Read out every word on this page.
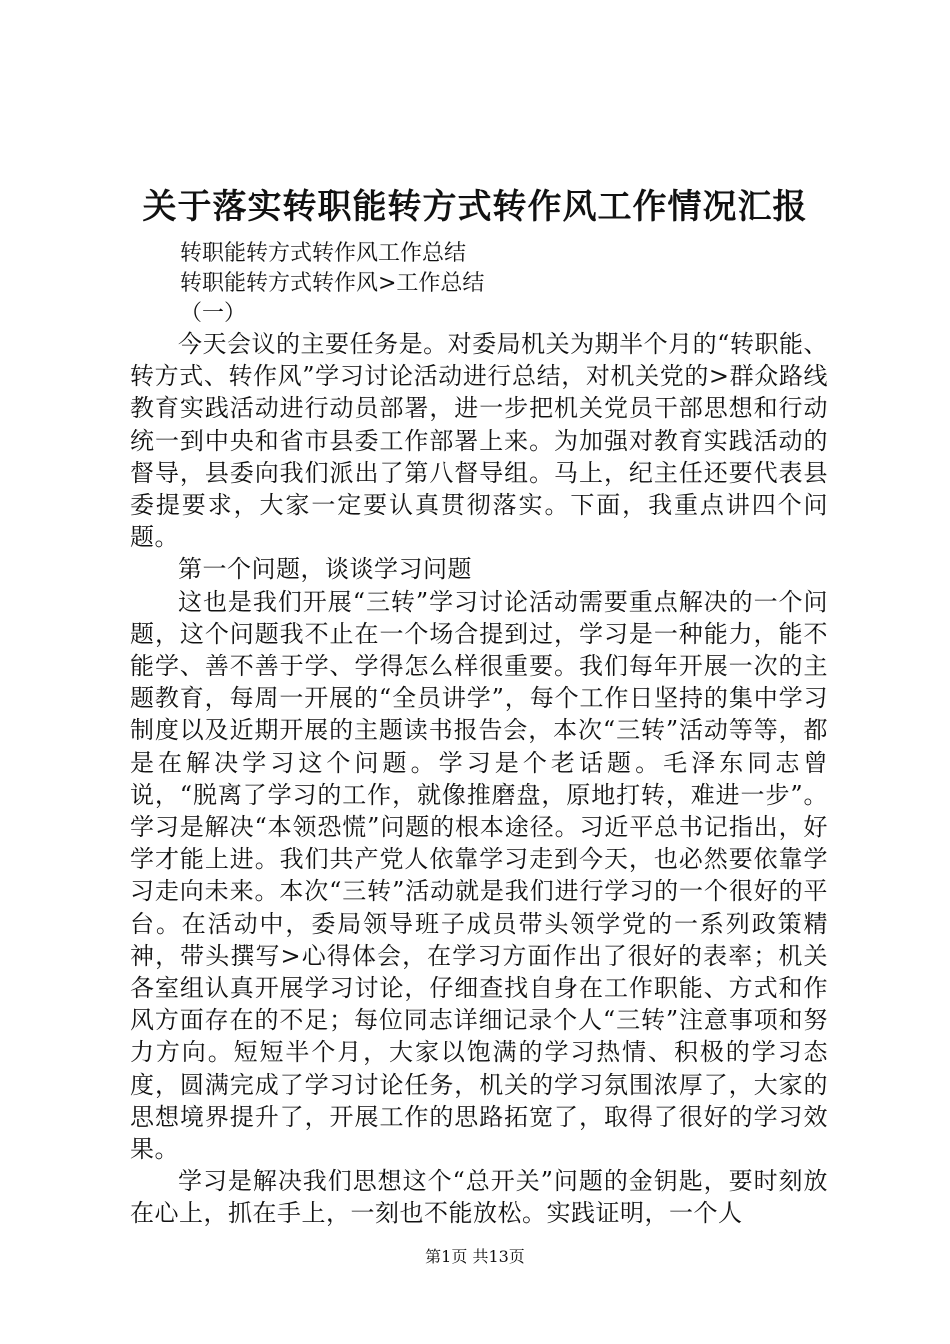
关于落实转职能转方式转作风工作情况汇报
转职能转方式转作风工作总结
转职能转方式转作风>工作总结
（一）

今天会议的主要任务是。对委局机关为期半个月的“转职能、转方式、转作风”学习讨论活动进行总结，对机关党的>群众路线教育实践活动进行动员部署，进一步把机关党员干部思想和行动统一到中央和省市县委工作部署上来。为加强对教育实践活动的督导，县委向我们派出了第八督导组。马上，纪主任还要代表县委提要求，大家一定要认真贯彻落实。下面，我重点讲四个问题。

第一个问题，谈谈学习问题

这也是我们开展“三转”学习讨论活动需要重点解决的一个问题，这个问题我不止在一个场合提到过，学习是一种能力，能不能学、善不善于学、学得怎么样很重要。我们每年开展一次的主题教育，每周一开展的“全员讲学”，每个工作日坚持的集中学习制度以及近期开展的主题读书报告会，本次“三转”活动等等，都是在解决学习这个问题。学习是个老话题。毛泽东同志曾说，“脱离了学习的工作，就像推磨盘，原地打转，难进一步”。学习是解决“本领恐慌”问题的根本途径。习近平总书记指出，好学才能上进。我们共产党人依靠学习走到今天，也必然要依靠学习走向未来。本次“三转”活动就是我们进行学习的一个很好的平台。在活动中，委局领导班子成员带头领学党的一系列政策精神，带头撰写>心得体会，在学习方面作出了很好的表率；机关各室组认真开展学习讨论，仔细查找自身在工作职能、方式和作风方面存在的不足；每位同志详细记录个人“三转”注意事项和努力方向。短短半个月，大家以饱满的学习热情、积极的学习态度，圆满完成了学习讨论任务，机关的学习氛围浓厚了，大家的思想境界提升了，开展工作的思路拓宽了，取得了很好的学习效果。

学习是解决我们思想这个“总开关”问题的金钥匙，要时刻放在心上，抓在手上，一刻也不能放松。实践证明，一个人

第1页 共13页
